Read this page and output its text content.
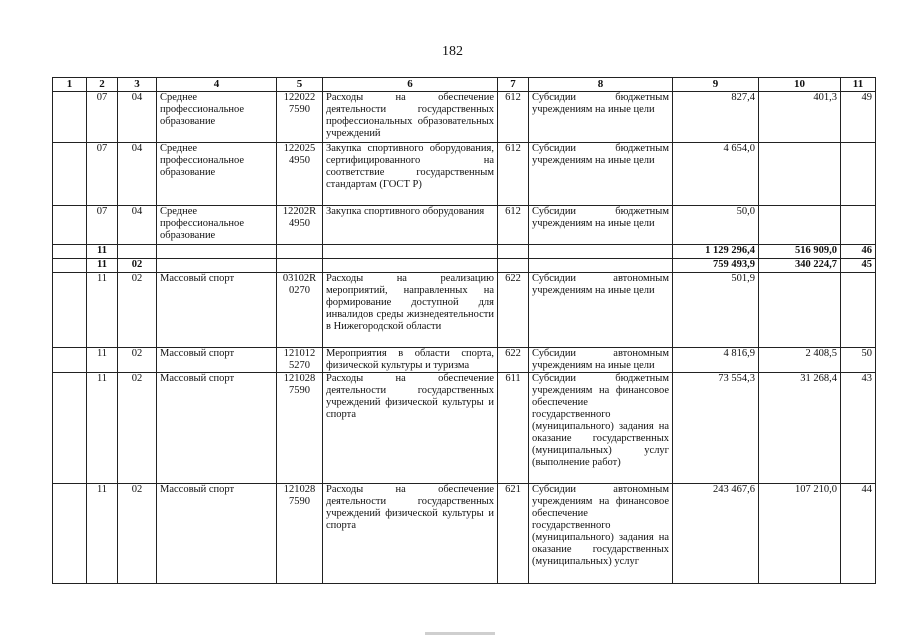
182
1	2	3	4	5	6	7	8	9	10	11
	07	04	Среднее профессиональное образование	122022 7590	Расходы на обеспечение деятельности государственных профессиональных образовательных учреждений	612	Субсидии бюджетным учреждениям на иные цели	827,4	401,3	49
	07	04	Среднее профессиональное образование	122025 4950	Закупка спортивного оборудования, сертифицированного на соответствие государственным стандартам (ГОСТ Р)	612	Субсидии бюджетным учреждениям на иные цели	4 654,0		
	07	04	Среднее профессиональное образование	12202R 4950	Закупка спортивного оборудования	612	Субсидии бюджетным учреждениям на иные цели	50,0		
	11							1 129 296,4	516 909,0	46
	11	02						759 493,9	340 224,7	45
	11	02	Массовый спорт	03102R 0270	Расходы на реализацию мероприятий, направленных на формирование доступной для инвалидов среды жизнедеятельности в Нижегородской области	622	Субсидии автономным учреждениям на иные цели	501,9		
	11	02	Массовый спорт	121012 5270	Мероприятия в области спорта, физической культуры и туризма	622	Субсидии автономным учреждениям на иные цели	4 816,9	2 408,5	50
	11	02	Массовый спорт	121028 7590	Расходы на обеспечение деятельности государственных учреждений физической культуры и спорта	611	Субсидии бюджетным учреждениям на финансовое обеспечение государственного (муниципального) задания на оказание государственных (муниципальных) услуг (выполнение работ)	73 554,3	31 268,4	43
	11	02	Массовый спорт	121028 7590	Расходы на обеспечение деятельности государственных учреждений физической культуры и спорта	621	Субсидии автономным учреждениям на финансовое обеспечение государственного (муниципального) задания на оказание государственных (муниципальных) услуг	243 467,6	107 210,0	44
